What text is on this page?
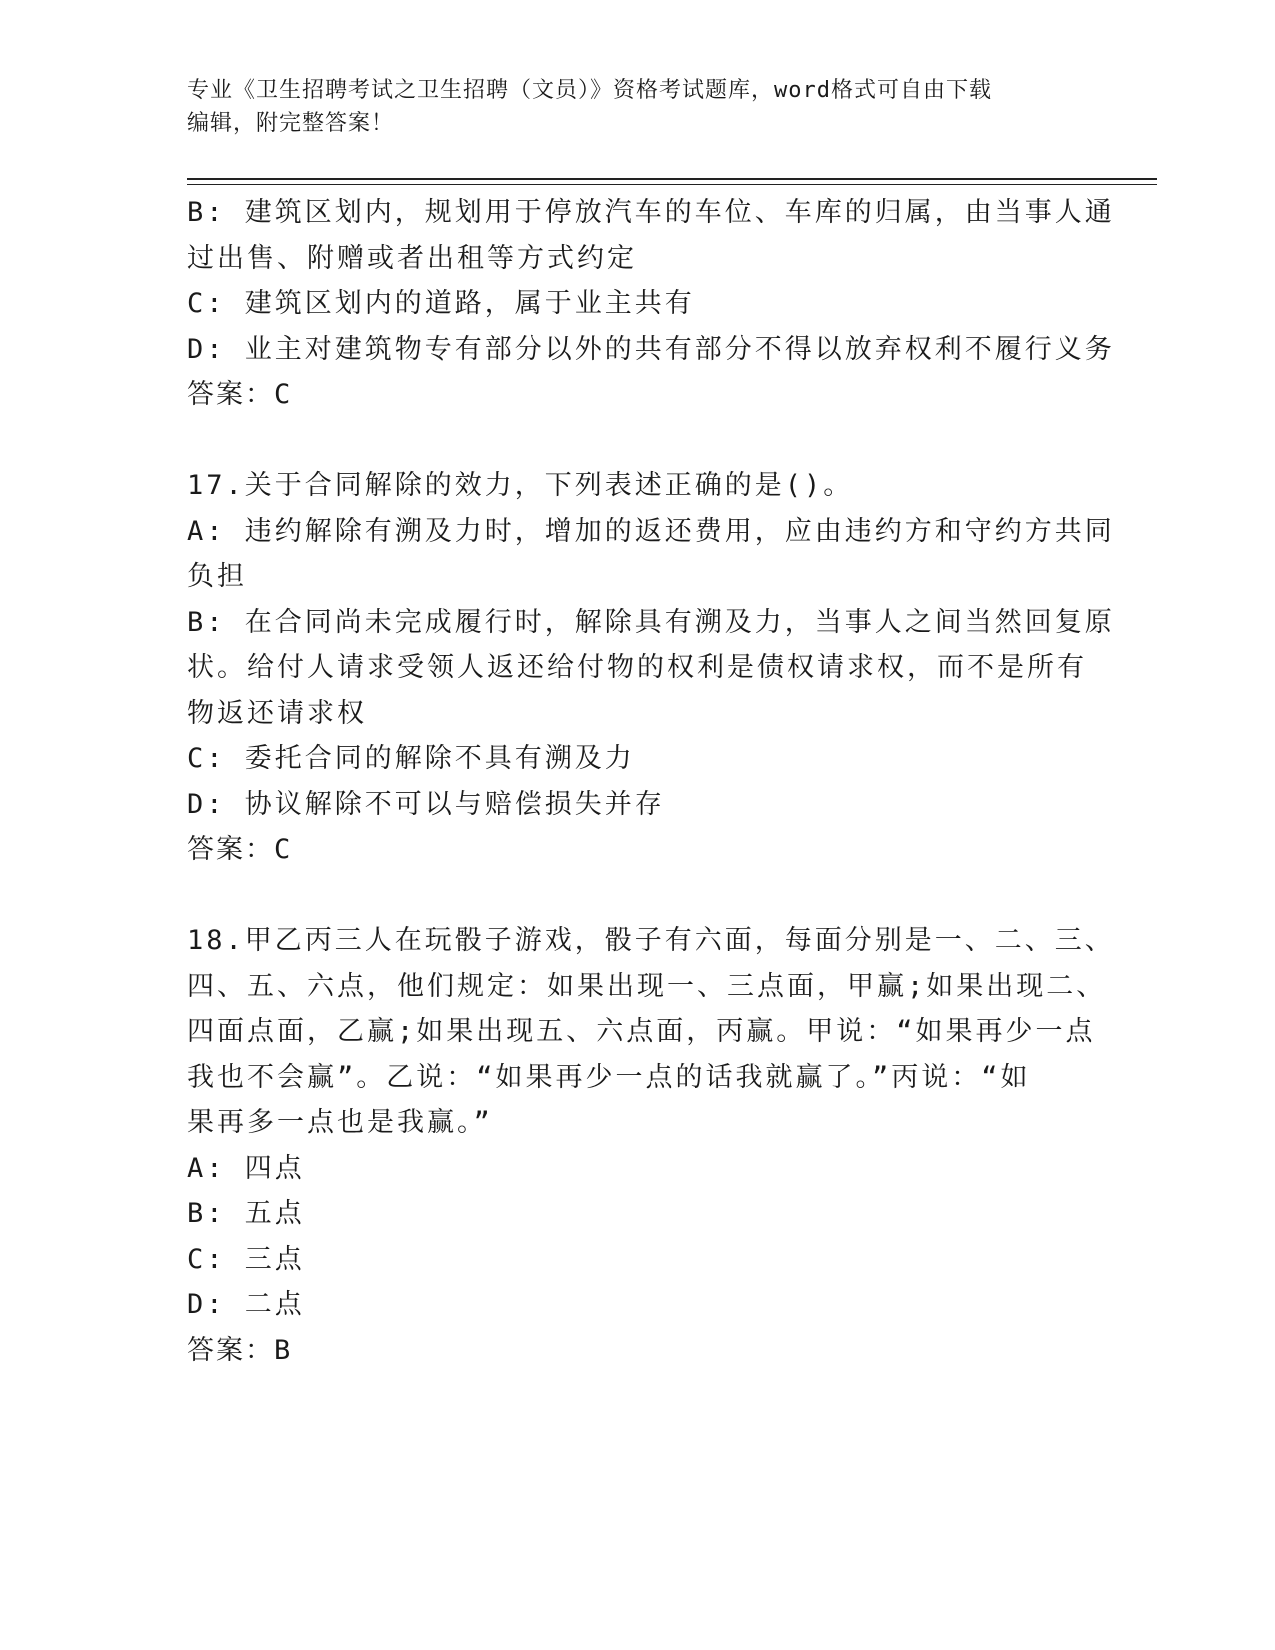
专业《卫生招聘考试之卫生招聘（文员）》资格考试题库，word格式可自由下载
编辑，附完整答案！
B: 建筑区划内，规划用于停放汽车的车位、车库的归属，由当事人通
过出售、附赠或者出租等方式约定
C: 建筑区划内的道路，属于业主共有
D: 业主对建筑物专有部分以外的共有部分不得以放弃权利不履行义务
答案：C
17.关于合同解除的效力，下列表述正确的是()。
A: 违约解除有溯及力时，增加的返还费用，应由违约方和守约方共同
负担
B: 在合同尚未完成履行时，解除具有溯及力，当事人之间当然回复原
状。给付人请求受领人返还给付物的权利是债权请求权，而不是所有
物返还请求权
C: 委托合同的解除不具有溯及力
D: 协议解除不可以与赔偿损失并存
答案：C
18.甲乙丙三人在玩骰子游戏，骰子有六面，每面分别是一、二、三、
四、五、六点，他们规定：如果出现一、三点面，甲赢;如果出现二、
四面点面，乙赢;如果出现五、六点面，丙赢。甲说：“如果再少一点
我也不会赢”。乙说：“如果再少一点的话我就赢了。”丙说：“如
果再多一点也是我赢。”
A: 四点
B: 五点
C: 三点
D: 二点
答案：B
